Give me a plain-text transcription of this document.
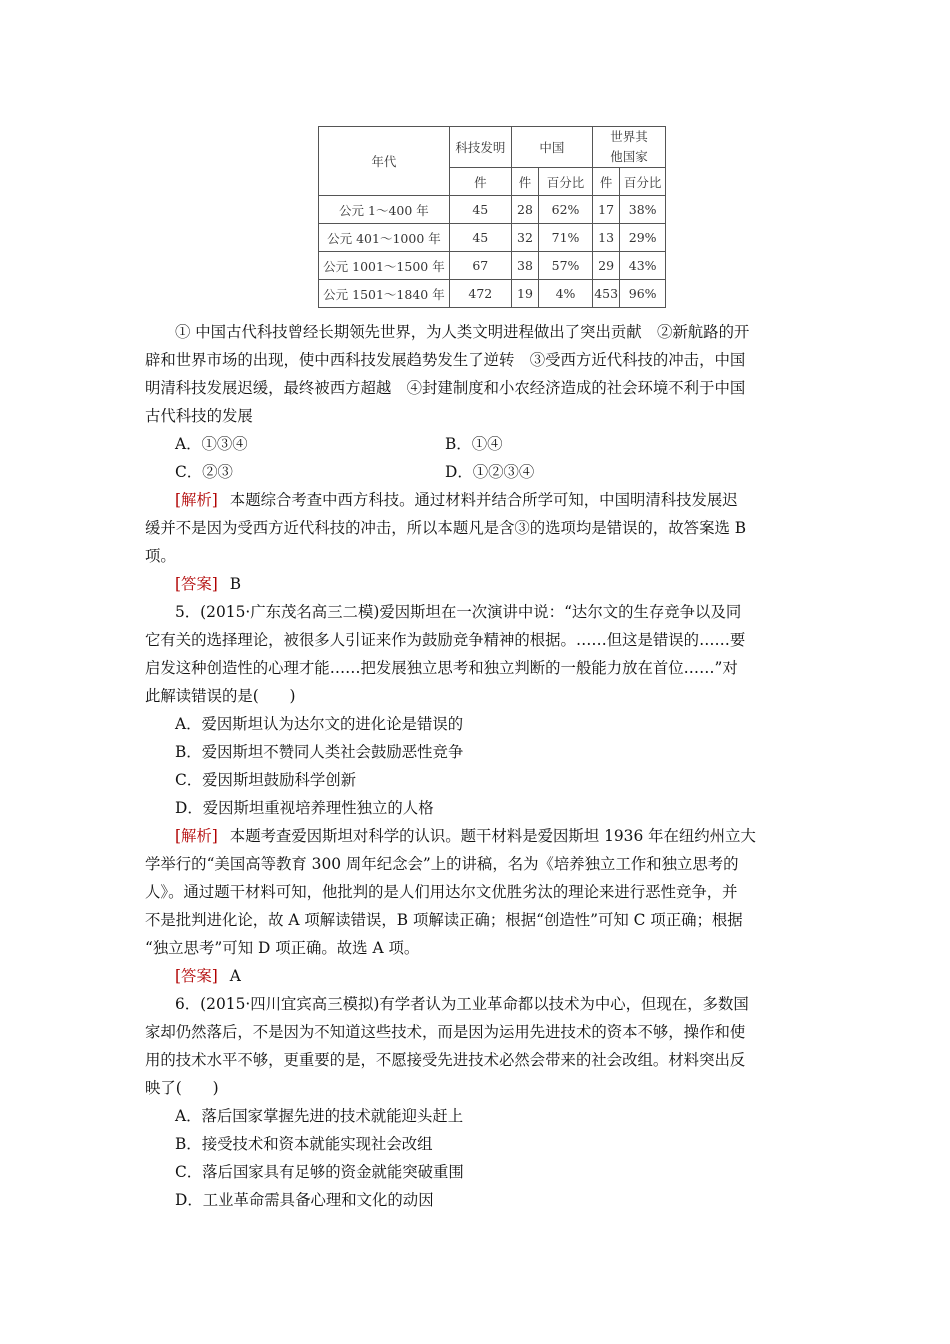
年代	科技发明	中国		世界其
他国家	

	件	件	百分比	件	百分比
公元 1～400 年	45	28	62%	17	38%
公元 401～1000 年	45	32	71%	13	29%
公元 1001～1500 年	67	38	57%	29	43%
公元 1501～1840 年	472	19	4%	453	96%
① 中国古代科技曾经长期领先世界，为人类文明进程做出了突出贡献　②新航路的开
辟和世界市场的出现，使中西科技发展趋势发生了逆转　③受西方近代科技的冲击，中国
明清科技发展迟缓，最终被西方超越　④封建制度和小农经济造成的社会环境不利于中国
古代科技的发展
A．①③④	B．①④
C．②③	D．①②③④
[解析] 本题综合考查中西方科技。通过材料并结合所学可知，中国明清科技发展迟
缓并不是因为受西方近代科技的冲击，所以本题凡是含③的选项均是错误的，故答案选 B
项。
[答案] B
5．(2015·广东茂名高三二模)爱因斯坦在一次演讲中说：“达尔文的生存竞争以及同
它有关的选择理论，被很多人引证来作为鼓励竞争精神的根据。……但这是错误的……要
启发这种创造性的心理才能……把发展独立思考和独立判断的一般能力放在首位……”对
此解读错误的是(　　)
A．爱因斯坦认为达尔文的进化论是错误的
B．爱因斯坦不赞同人类社会鼓励恶性竞争
C．爱因斯坦鼓励科学创新
D．爱因斯坦重视培养理性独立的人格
[解析] 本题考查爱因斯坦对科学的认识。题干材料是爱因斯坦 1936 年在纽约州立大
学举行的“美国高等教育 300 周年纪念会”上的讲稿，名为《培养独立工作和独立思考的
人》。通过题干材料可知，他批判的是人们用达尔文优胜劣汰的理论来进行恶性竞争，并
不是批判进化论，故 A 项解读错误，B 项解读正确；根据“创造性”可知 C 项正确；根据
“独立思考”可知 D 项正确。故选 A 项。
[答案] A
6．(2015·四川宜宾高三模拟)有学者认为工业革命都以技术为中心，但现在，多数国
家却仍然落后，不是因为不知道这些技术，而是因为运用先进技术的资本不够，操作和使
用的技术水平不够，更重要的是，不愿接受先进技术必然会带来的社会改组。材料突出反
映了(　　)
A．落后国家掌握先进的技术就能迎头赶上
B．接受技术和资本就能实现社会改组
C．落后国家具有足够的资金就能突破重围
D．工业革命需具备心理和文化的动因
